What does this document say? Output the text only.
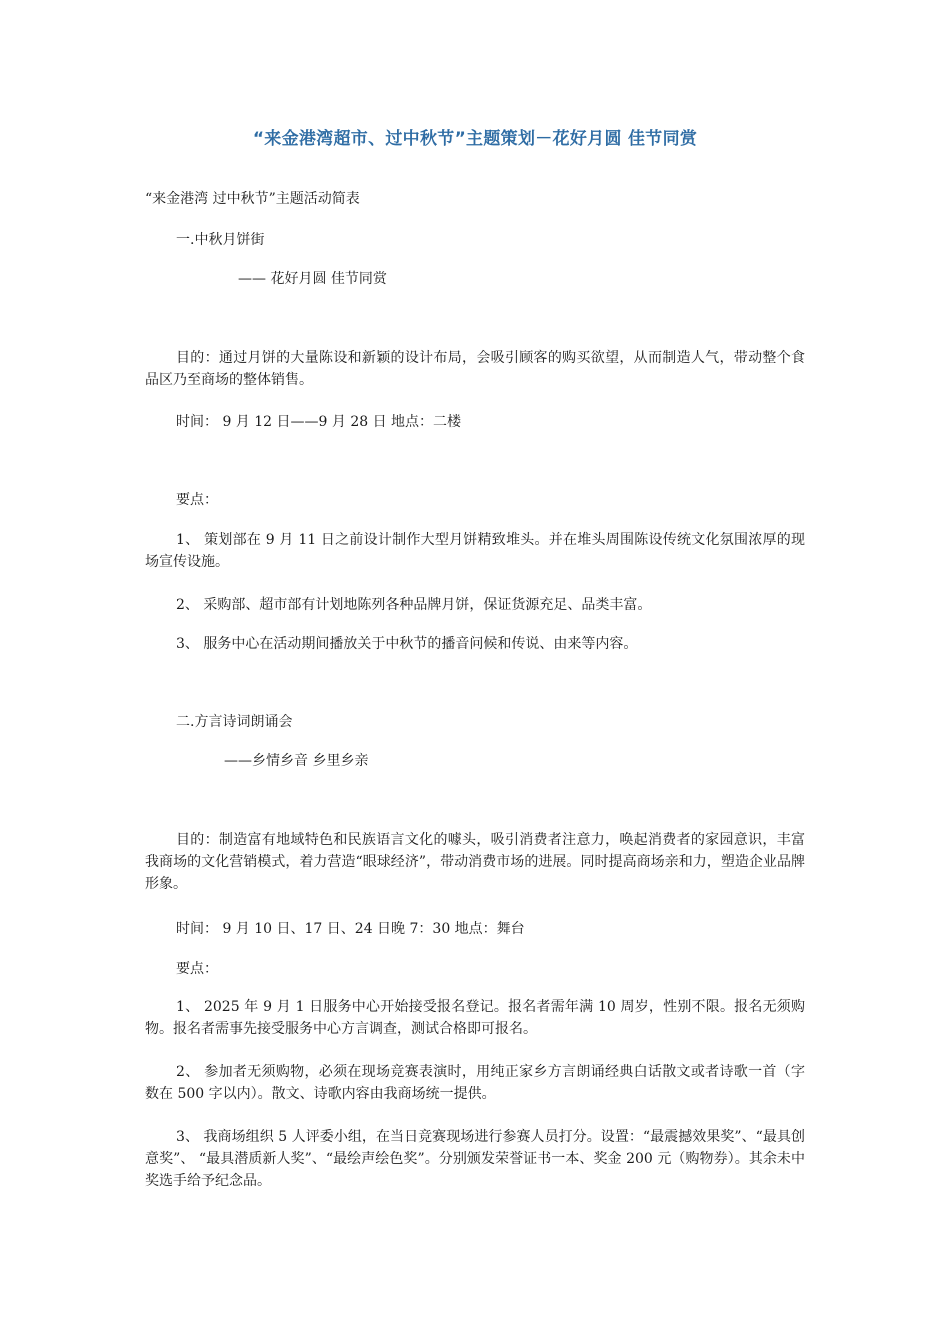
“来金港湾超市、过中秋节”主题策划－花好月圆 佳节同赏
“来金港湾 过中秋节”主题活动简表
一.中秋月饼街
—— 花好月圆 佳节同赏
目的：通过月饼的大量陈设和新颖的设计布局，会吸引顾客的购买欲望，从而制造人气，带动整个食品区乃至商场的整体销售。
时间： 9 月 12 日——9 月 28 日 地点：二楼
要点：
1、 策划部在 9 月 11 日之前设计制作大型月饼精致堆头。并在堆头周围陈设传统文化氛围浓厚的现场宣传设施。
2、 采购部、超市部有计划地陈列各种品牌月饼，保证货源充足、品类丰富。
3、 服务中心在活动期间播放关于中秋节的播音问候和传说、由来等内容。
二.方言诗词朗诵会
——乡情乡音 乡里乡亲
目的：制造富有地域特色和民族语言文化的噱头，吸引消费者注意力，唤起消费者的家园意识，丰富我商场的文化营销模式，着力营造“眼球经济”，带动消费市场的进展。同时提高商场亲和力，塑造企业品牌形象。
时间： 9 月 10 日、17 日、24 日晚 7：30 地点：舞台
要点：
1、 2025 年 9 月 1 日服务中心开始接受报名登记。报名者需年满 10 周岁，性别不限。报名无须购物。报名者需事先接受服务中心方言调查，测试合格即可报名。
2、 参加者无须购物，必须在现场竞赛表演时，用纯正家乡方言朗诵经典白话散文或者诗歌一首（字数在 500 字以内）。散文、诗歌内容由我商场统一提供。
3、 我商场组织 5 人评委小组，在当日竞赛现场进行参赛人员打分。设置：“最震撼效果奖”、“最具创意奖”、 “最具潜质新人奖”、“最绘声绘色奖”。分别颁发荣誉证书一本、奖金 200 元（购物券）。其余未中奖选手给予纪念品。
